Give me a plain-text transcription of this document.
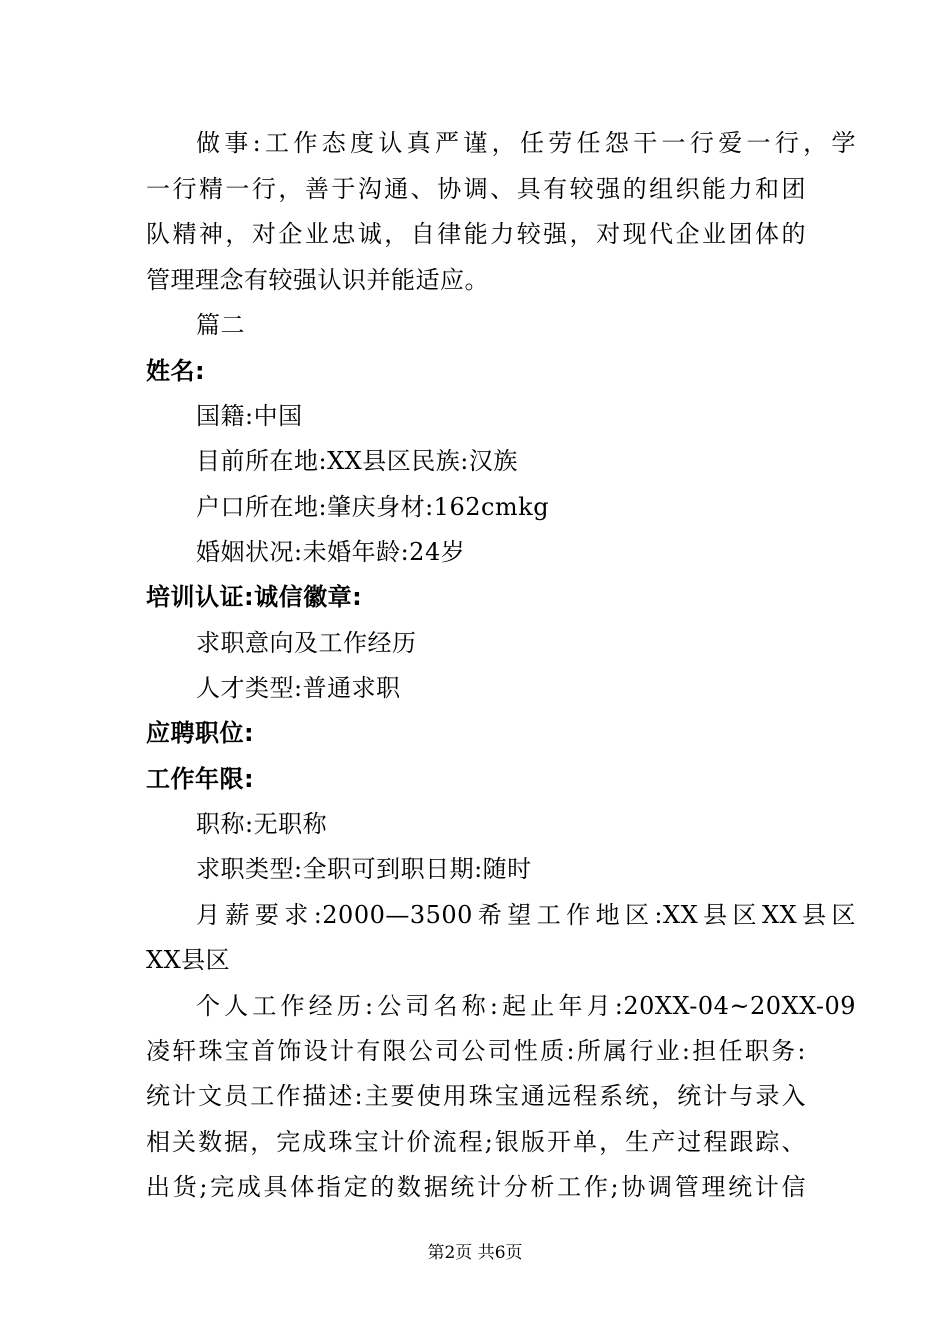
做事:工作态度认真严谨，任劳任怨干一行爱一行，学
一行精一行，善于沟通、协调、具有较强的组织能力和团
队精神，对企业忠诚，自律能力较强，对现代企业团体的
管理理念有较强认识并能适应。
篇二
姓名:
国籍:中国
目前所在地:XX县区民族:汉族
户口所在地:肇庆身材:162cmkg
婚姻状况:未婚年龄:24岁
培训认证:诚信徽章:
求职意向及工作经历
人才类型:普通求职
应聘职位:
工作年限:
职称:无职称
求职类型:全职可到职日期:随时
月薪要求:2000—3500希望工作地区:XX县区XX县区
XX县区
个人工作经历:公司名称:起止年月:20XX-04~20XX-09
凌轩珠宝首饰设计有限公司公司性质:所属行业:担任职务:
统计文员工作描述:主要使用珠宝通远程系统，统计与录入
相关数据，完成珠宝计价流程;银版开单，生产过程跟踪、
出货;完成具体指定的数据统计分析工作;协调管理统计信
第2页 共6页
